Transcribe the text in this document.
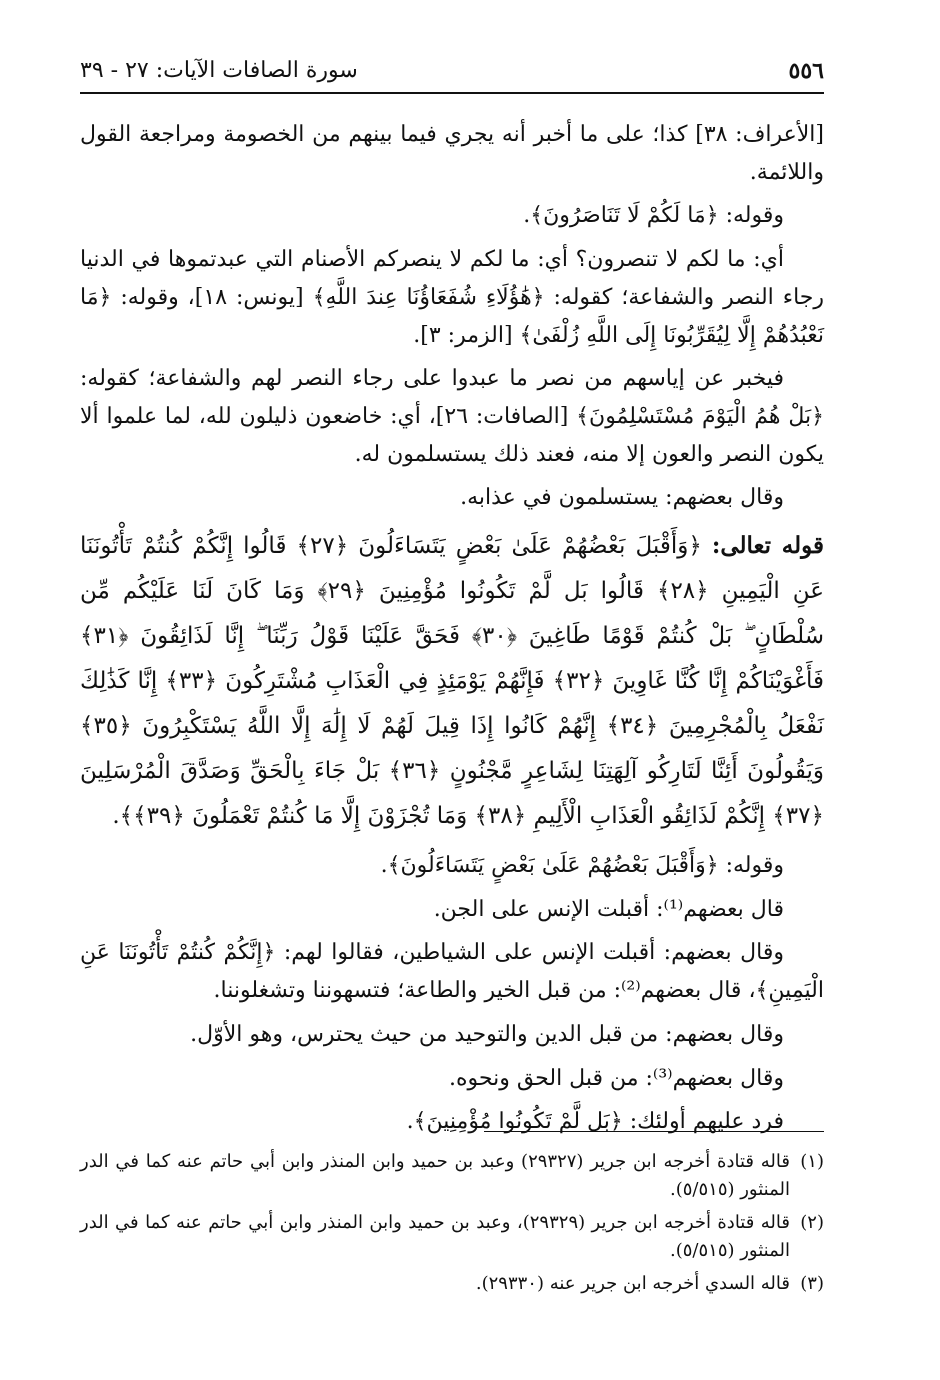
٥٥٦
سورة الصافات الآيات: ٢٧ - ٣٩

[الأعراف: ٣٨] كذا؛ على ما أخبر أنه يجري فيما بينهم من الخصومة ومراجعة القول واللائمة.

وقوله: ﴿مَا لَكُمْ لَا تَنَاصَرُونَ﴾.

أي: ما لكم لا تنصرون؟ أي: ما لكم لا ينصركم الأصنام التي عبدتموها في الدنيا رجاء النصر والشفاعة؛ كقوله: ﴿هَٰؤُلَاءِ شُفَعَاؤُنَا عِندَ اللَّهِ﴾ [يونس: ١٨]، وقوله: ﴿مَا نَعْبُدُهُمْ إِلَّا لِيُقَرِّبُونَا إِلَى اللَّهِ زُلْفَىٰ﴾ [الزمر: ٣].

فيخبر عن إياسهم من نصر ما عبدوا على رجاء النصر لهم والشفاعة؛ كقوله: ﴿بَلْ هُمُ الْيَوْمَ مُسْتَسْلِمُونَ﴾ [الصافات: ٢٦]، أي: خاضعون ذليلون لله، لما علموا ألا يكون النصر والعون إلا منه، فعند ذلك يستسلمون له.

وقال بعضهم: يستسلمون في عذابه.

قوله تعالى: ﴿وَأَقْبَلَ بَعْضُهُمْ عَلَىٰ بَعْضٍ يَتَسَاءَلُونَ ﴿٢٧﴾ قَالُوا إِنَّكُمْ كُنتُمْ تَأْتُونَنَا عَنِ الْيَمِينِ ﴿٢٨﴾ قَالُوا بَل لَّمْ تَكُونُوا مُؤْمِنِينَ ﴿٢٩﴾ وَمَا كَانَ لَنَا عَلَيْكُم مِّن سُلْطَانٍ ۖ بَلْ كُنتُمْ قَوْمًا طَاغِينَ ﴿٣٠﴾ فَحَقَّ عَلَيْنَا قَوْلُ رَبِّنَا ۖ إِنَّا لَذَائِقُونَ ﴿٣١﴾ فَأَغْوَيْنَاكُمْ إِنَّا كُنَّا غَاوِينَ ﴿٣٢﴾ فَإِنَّهُمْ يَوْمَئِذٍ فِي الْعَذَابِ مُشْتَرِكُونَ ﴿٣٣﴾ إِنَّا كَذَٰلِكَ نَفْعَلُ بِالْمُجْرِمِينَ ﴿٣٤﴾ إِنَّهُمْ كَانُوا إِذَا قِيلَ لَهُمْ لَا إِلَٰهَ إِلَّا اللَّهُ يَسْتَكْبِرُونَ ﴿٣٥﴾ وَيَقُولُونَ أَئِنَّا لَتَارِكُو آلِهَتِنَا لِشَاعِرٍ مَّجْنُونٍ ﴿٣٦﴾ بَلْ جَاءَ بِالْحَقِّ وَصَدَّقَ الْمُرْسَلِينَ ﴿٣٧﴾ إِنَّكُمْ لَذَائِقُو الْعَذَابِ الْأَلِيمِ ﴿٣٨﴾ وَمَا تُجْزَوْنَ إِلَّا مَا كُنتُمْ تَعْمَلُونَ ﴿٣٩﴾﴾.

وقوله: ﴿وَأَقْبَلَ بَعْضُهُمْ عَلَىٰ بَعْضٍ يَتَسَاءَلُونَ﴾.

قال بعضهم⁽¹⁾: أقبلت الإنس على الجن.

وقال بعضهم: أقبلت الإنس على الشياطين، فقالوا لهم: ﴿إِنَّكُمْ كُنتُمْ تَأْتُونَنَا عَنِ الْيَمِينِ﴾، قال بعضهم⁽²⁾: من قبل الخير والطاعة؛ فتسهوننا وتشغلوننا.

وقال بعضهم: من قبل الدين والتوحيد من حيث يحترس، وهو الأوّل.

وقال بعضهم⁽³⁾: من قبل الحق ونحوه.

فرد عليهم أولئك: ﴿بَل لَّمْ تَكُونُوا مُؤْمِنِينَ﴾.

(١)
قاله قتادة أخرجه ابن جرير (٢٩٣٢٧) وعبد بن حميد وابن المنذر وابن أبي حاتم عنه كما في الدر المنثور (٥/٥١٥).

(٢)
قاله قتادة أخرجه ابن جرير (٢٩٣٢٩)، وعبد بن حميد وابن المنذر وابن أبي حاتم عنه كما في الدر المنثور (٥/٥١٥).

(٣)
قاله السدي أخرجه ابن جرير عنه (٢٩٣٣٠).
